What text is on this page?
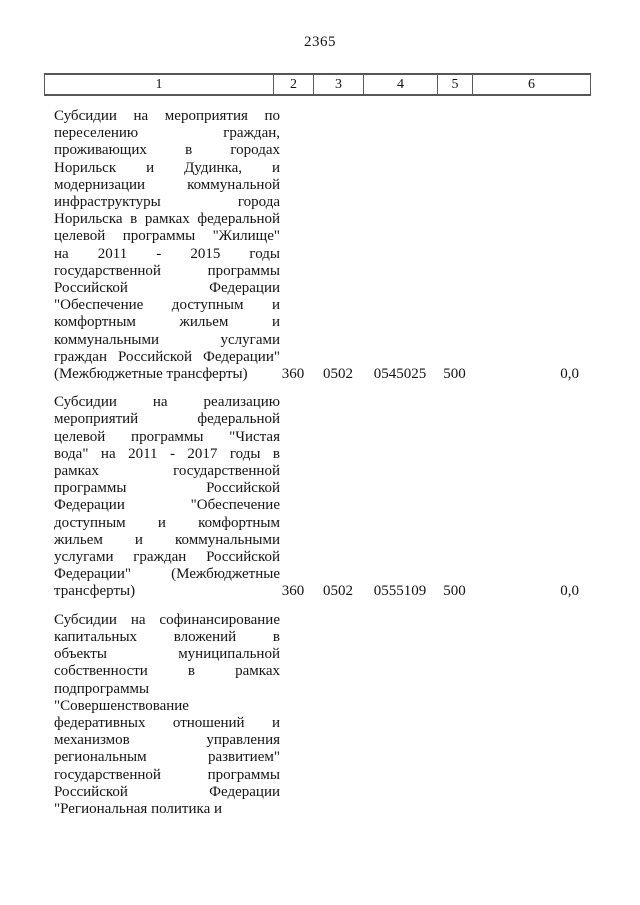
2365
1	2	3	4	5	6
Субсидии на мероприятия по
переселению граждан,
проживающих в городах
Норильск и Дудинка, и
модернизации коммунальной
инфраструктуры города
Норильска в рамках федеральной
целевой программы "Жилище"
на 2011 - 2015 годы
государственной программы
Российской Федерации
"Обеспечение доступным и
комфортным жильем и
коммунальными услугами
граждан Российской Федерации"
(Межбюджетные трансферты)	360	0502	0545025	500	0,0
Субсидии на реализацию
мероприятий федеральной
целевой программы "Чистая
вода" на 2011 - 2017 годы в
рамках государственной
программы Российской
Федерации "Обеспечение
доступным и комфортным
жильем и коммунальными
услугами граждан Российской
Федерации" (Межбюджетные
трансферты)	360	0502	0555109	500	0,0
Субсидии на софинансирование
капитальных вложений в
объекты муниципальной
собственности в рамках
подпрограммы
"Совершенствование
федеративных отношений и
механизмов управления
региональным развитием"
государственной программы
Российской Федерации
"Региональная политика и
